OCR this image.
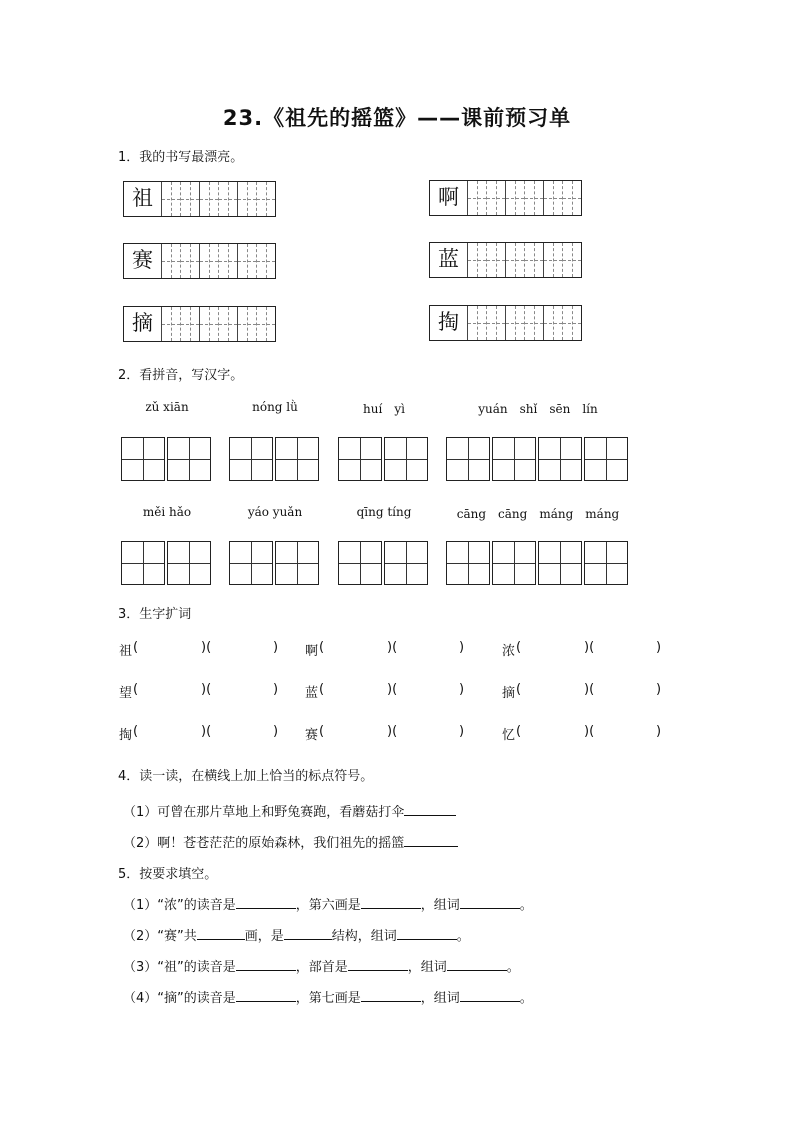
23.《祖先的摇篮》——课前预习单
1．我的书写最漂亮。
祖	啊
赛	蓝
摘	掏
2．看拼音，写汉字。
zǔ xiān	nóng lǜ	huí　yì	yuán　shǐ　sēn　lín
měi hǎo	yáo yuǎn	qīng tíng	cāng　cāng　máng　máng
3．生字扩词
祖 (	)(	) 啊 (	)(	)	浓 (	)(	)
望 (	)(	) 蓝 (	)(	)	摘 (	)(	)
掏 (	)(	) 赛 (	)(	)	忆 (	)(	)
4．读一读，在横线上加上恰当的标点符号。
（1）可曾在那片草地上和野兔赛跑，看蘑菇打伞
（2）啊！苍苍茫茫的原始森林，我们祖先的摇篮
5．按要求填空。
（1）“浓”的读音是	，第六画是	，组词	。
（2）“赛”共	画，是	结构，组词	。
（3）“祖”的读音是	，部首是	，组词	。
（4）“摘”的读音是	，第七画是	，组词	。
